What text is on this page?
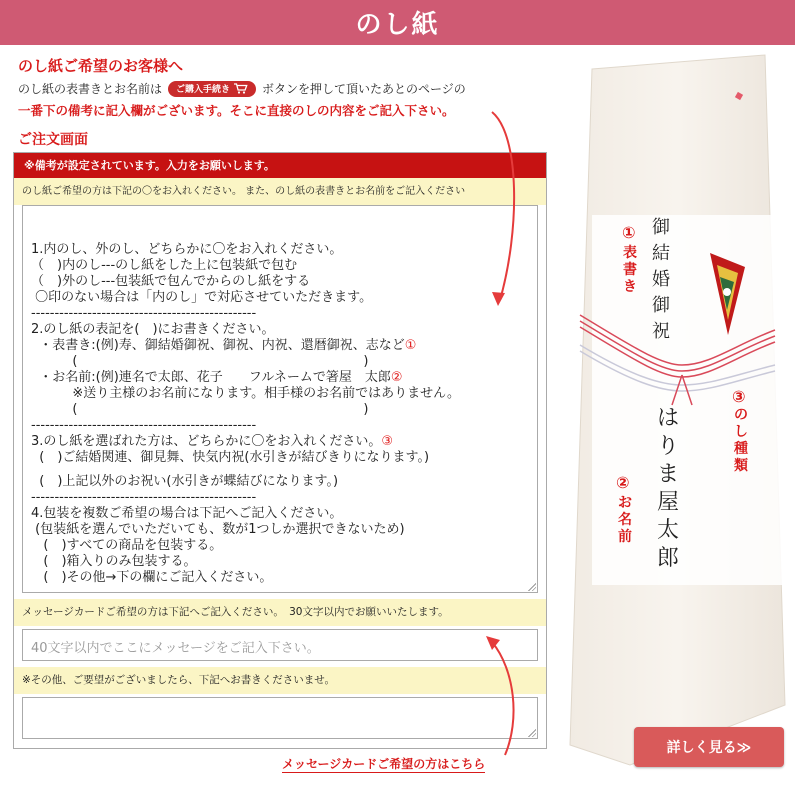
のし紙
のし紙ご希望のお客様へ
のし紙の表書きとお名前は ご購入手続き	ボタンを押して頂いたあとのページの
一番下の備考に記入欄がございます。そこに直接のしの内容をご記入下さい。
ご注文画面
※備考が設定されています。入力をお願いします。
のし紙ご希望の方は下記の〇をお入れください。 また、のし紙の表書きとお名前をご記入ください

1.内のし、外のし、どちらかに〇をお入れください。
（　)内のし---のし紙をした上に包装紙で包む
（　)外のし---包装紙で包んでからのし紙をする
〇印のない場合は「内のし」で対応させていただきます。
------------------------------------------------
2.のし紙の表記を(　)にお書きください。
・表書き:(例)寿、御結婚御祝、御祝、内祝、還暦御祝、志など①
(　　　　　　　　　　　　　　　　　　　　　　)
・お名前:(例)連名で太郎、花子　　フルネームで箸屋　太郎②
※送り主様のお名前になります。相手様のお名前ではありません。
(　　　　　　　　　　　　　　　　　　　　　　)
------------------------------------------------
3.のし紙を選ばれた方は、どちらかに〇をお入れください。③
(　)ご結婚関連、御見舞、快気内祝(水引きが結びきりになります。)
(　)上記以外のお祝い(水引きが蝶結びになります。)
------------------------------------------------
4.包装を複数ご希望の場合は下記へご記入ください。
(包装紙を選んでいただいても、数が1つしか選択できないため)
(　)すべての商品を包装する。
(　)箱入りのみ包装する。
(　)その他→下の欄にご記入ください。

メッセージカードご希望の方は下記へご記入ください。　30文字以内でお願いいたします。
40文字以内でここにメッセージをご記入下さい。
※その他、ご要望がございましたら、下記へお書きくださいませ。
メッセージカードご希望の方はこちら
御結婚御祝
はりま屋太郎
①
表書き
②
お名前
③
のし種類
詳しく見る≫
